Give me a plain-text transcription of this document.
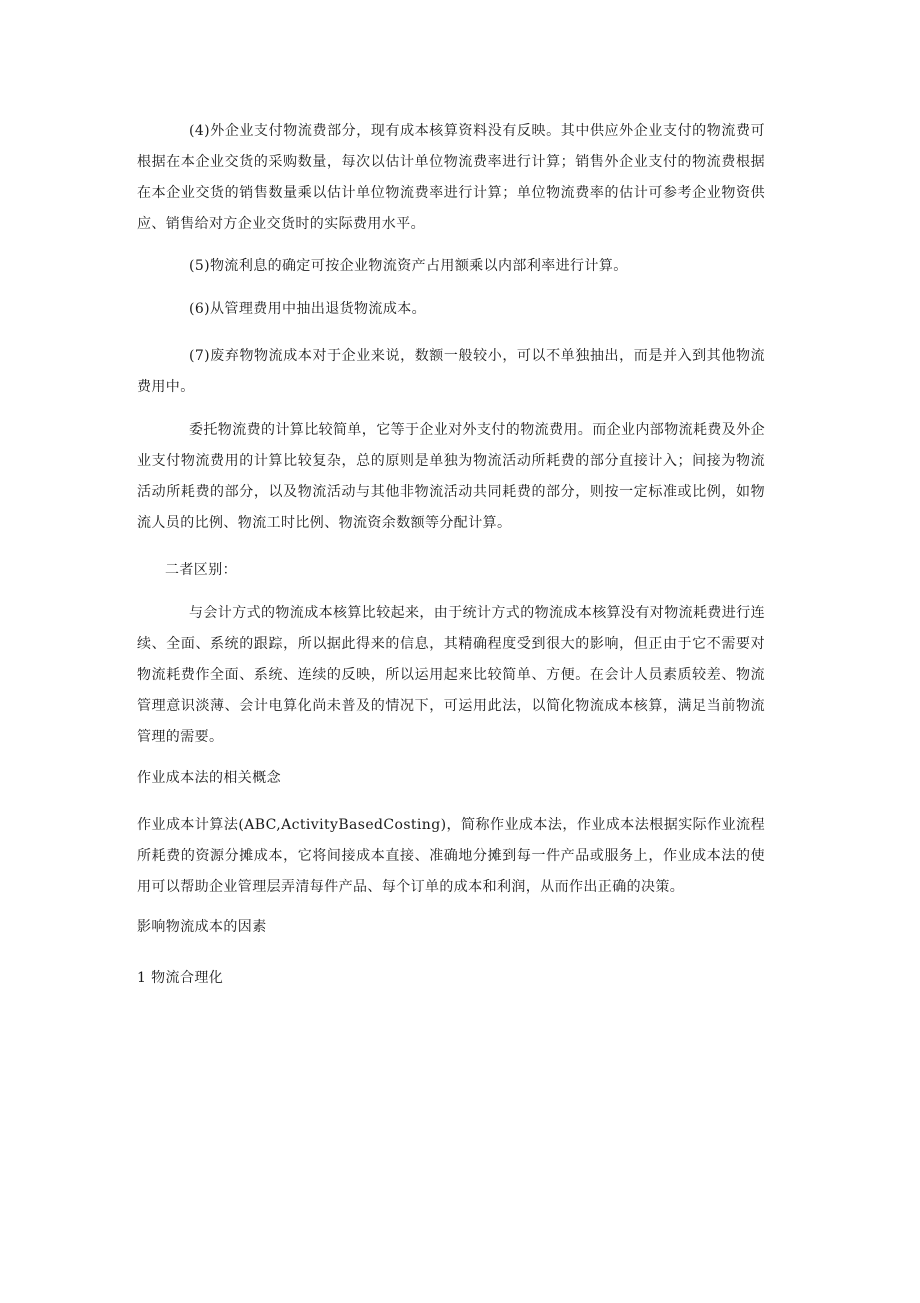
(4)外企业支付物流费部分，现有成本核算资料没有反映。其中供应外企业支付的物流费可根据在本企业交货的采购数量，每次以估计单位物流费率进行计算；销售外企业支付的物流费根据在本企业交货的销售数量乘以估计单位物流费率进行计算；单位物流费率的估计可参考企业物资供应、销售给对方企业交货时的实际费用水平。

(5)物流利息的确定可按企业物流资产占用额乘以内部利率进行计算。

(6)从管理费用中抽出退货物流成本。

(7)废弃物物流成本对于企业来说，数额一般较小，可以不单独抽出，而是并入到其他物流费用中。

委托物流费的计算比较简单，它等于企业对外支付的物流费用。而企业内部物流耗费及外企业支付物流费用的计算比较复杂，总的原则是单独为物流活动所耗费的部分直接计入；间接为物流活动所耗费的部分，以及物流活动与其他非物流活动共同耗费的部分，则按一定标准或比例，如物流人员的比例、物流工时比例、物流资余数额等分配计算。

二者区别：

与会计方式的物流成本核算比较起来，由于统计方式的物流成本核算没有对物流耗费进行连续、全面、系统的跟踪，所以据此得来的信息，其精确程度受到很大的影响，但正由于它不需要对物流耗费作全面、系统、连续的反映，所以运用起来比较简单、方便。在会计人员素质较差、物流管理意识淡薄、会计电算化尚未普及的情况下，可运用此法，以简化物流成本核算，满足当前物流管理的需要。

作业成本法的相关概念

作业成本计算法(ABC,ActivityBasedCosting)，简称作业成本法，作业成本法根据实际作业流程所耗费的资源分摊成本，它将间接成本直接、准确地分摊到每一件产品或服务上，作业成本法的使用可以帮助企业管理层弄清每件产品、每个订单的成本和利润，从而作出正确的决策。

影响物流成本的因素

1 物流合理化
